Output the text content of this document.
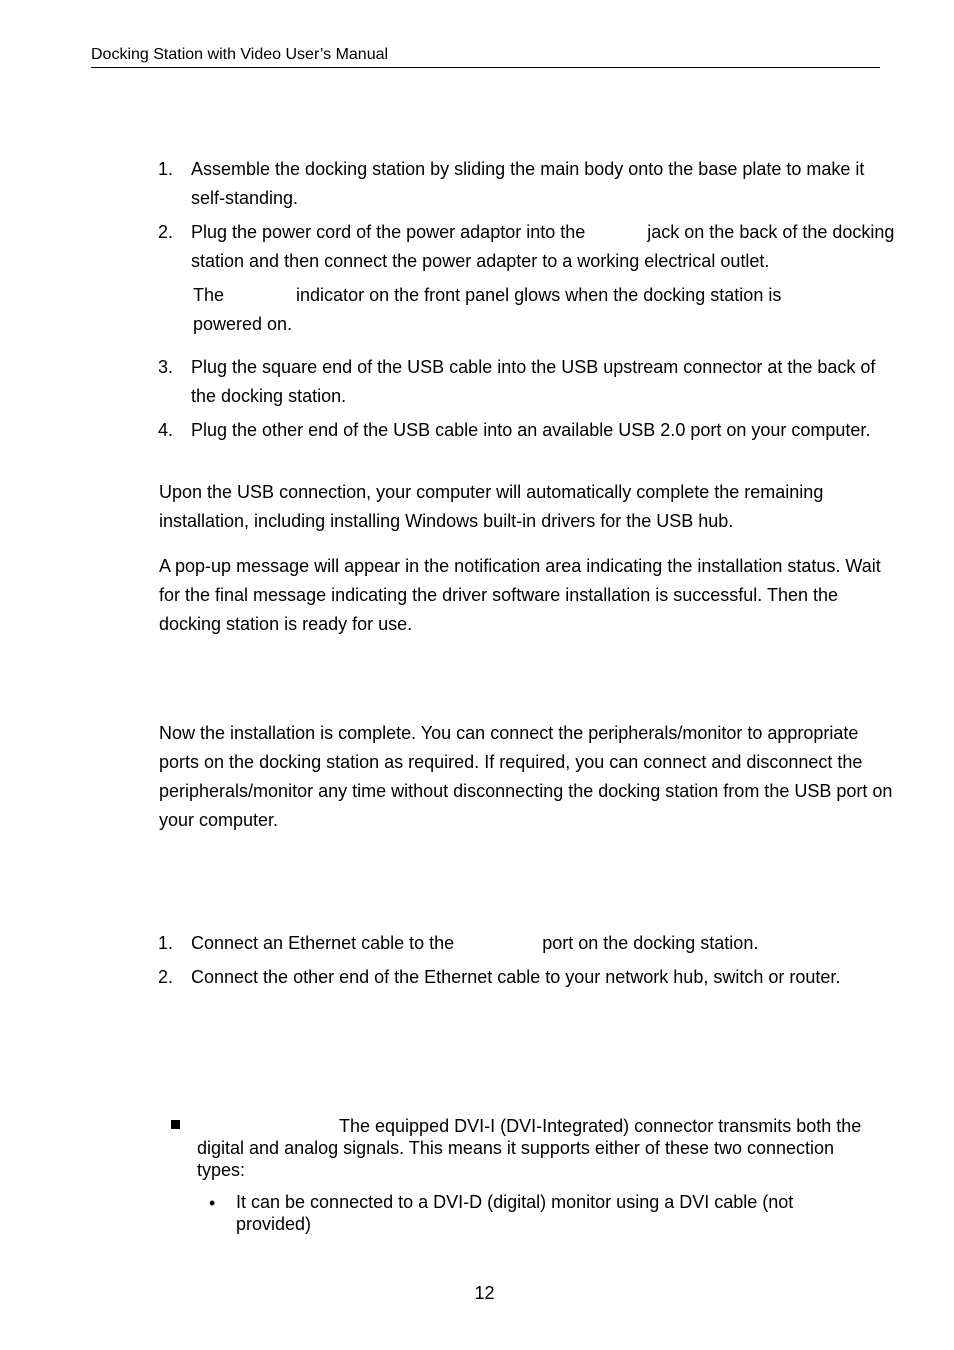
Docking Station with Video User’s Manual
1. Assemble the docking station by sliding the main body onto the base plate to make it self-standing.
2. Plug the power cord of the power adaptor into the	jack on the back of the docking station and then connect the power adapter to a working electrical outlet.
The	indicator on the front panel glows when the docking station is powered on.
3. Plug the square end of the USB cable into the USB upstream connector at the back of the docking station.
4. Plug the other end of the USB cable into an available USB 2.0 port on your computer.
Upon the USB connection, your computer will automatically complete the remaining installation, including installing Windows built-in drivers for the USB hub.
A pop-up message will appear in the notification area indicating the installation status. Wait for the final message indicating the driver software installation is successful. Then the docking station is ready for use.
Now the installation is complete. You can connect the peripherals/monitor to appropriate ports on the docking station as required. If required, you can connect and disconnect the peripherals/monitor any time without disconnecting the docking station from the USB port on your computer.
1. Connect an Ethernet cable to the	port on the docking station.
2. Connect the other end of the Ethernet cable to your network hub, switch or router.
The equipped DVI-I (DVI-Integrated) connector transmits both the digital and analog signals. This means it supports either of these two connection types:
• It can be connected to a DVI-D (digital) monitor using a DVI cable (not provided)
12
